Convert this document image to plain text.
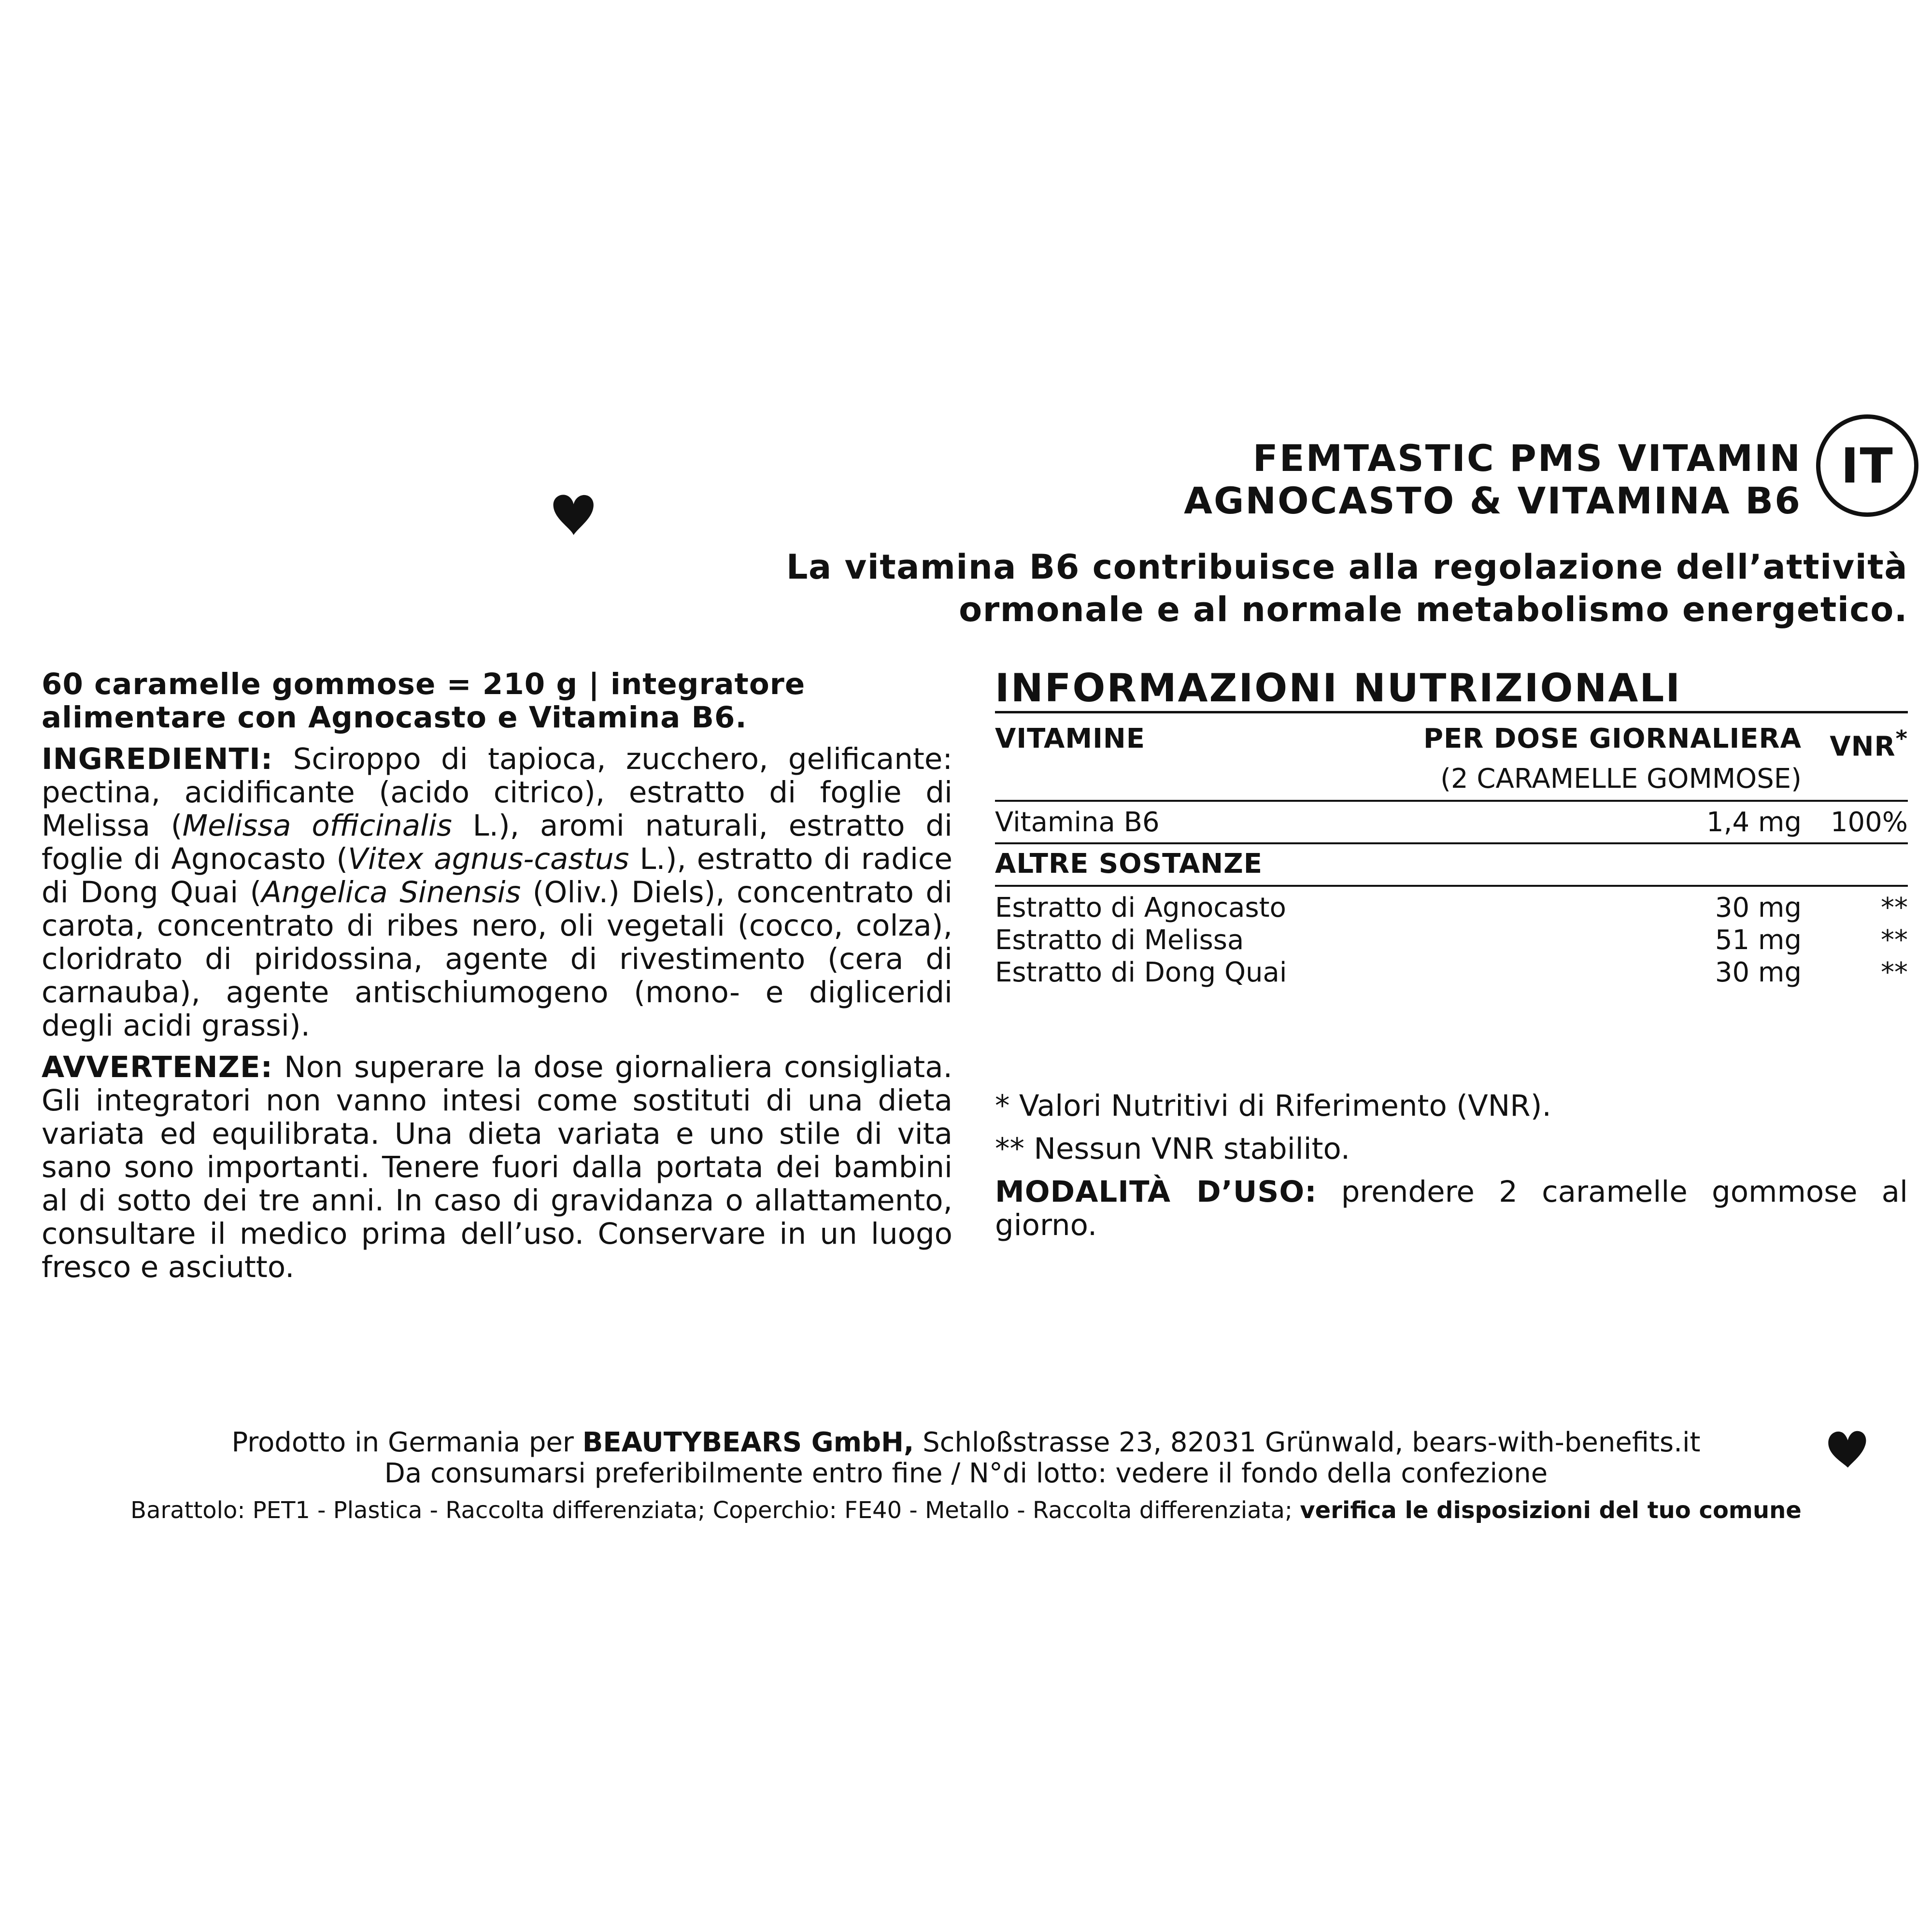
FEMTASTIC PMS VITAMIN
AGNOCASTO & VITAMINA B6
IT
La vitamina B6 contribuisce alla regolazione dell’attività
ormonale e al normale metabolismo energetico.

60 caramelle gommose = 210 g | integratore alimentare con Agnocasto e Vitamina B6.

INGREDIENTI: Sciroppo di tapioca, zucchero, gelificante: pectina, acidificante (acido citrico), estratto di foglie di Melissa (Melissa officinalis L.), aromi naturali, estratto di foglie di Agnocasto (Vitex agnus-castus L.), estratto di radice di Dong Quai (Angelica Sinensis (Oliv.) Diels), concentrato di carota, concentrato di ribes nero, oli vegetali (cocco, colza), cloridrato di piridossina, agente di rivestimento (cera di carnauba), agente antischiumogeno (mono- e digliceridi degli acidi grassi).

AVVERTENZE: Non superare la dose giornaliera consigliata. Gli integratori non vanno intesi come sostituti di una dieta variata ed equilibrata. Una dieta variata e uno stile di vita sano sono importanti. Tenere fuori dalla portata dei bambini al di sotto dei tre anni. In caso di gravidanza o allattamento, consultare il medico prima dell’uso. Conservare in un luogo fresco e asciutto.

INFORMAZIONI NUTRIZIONALI
VITAMINE	PER DOSE GIORNALIERA	VNR*
(2 CARAMELLE GOMMOSE)
Vitamina B6	1,4 mg	100%
ALTRE SOSTANZE
Estratto di Agnocasto	30 mg	**
Estratto di Melissa	51 mg	**
Estratto di Dong Quai	30 mg	**

* Valori Nutritivi di Riferimento (VNR).

** Nessun VNR stabilito.

MODALITÀ D’USO: prendere 2 caramelle gommose al giorno.

Prodotto in Germania per BEAUTYBEARS GmbH, Schloßstrasse 23, 82031 Grünwald, bears-with-benefits.it
Da consumarsi preferibilmente entro fine / N°di lotto: vedere il fondo della confezione
Barattolo: PET1 - Plastica - Raccolta differenziata; Coperchio: FE40 - Metallo - Raccolta differenziata; verifica le disposizioni del tuo comune
